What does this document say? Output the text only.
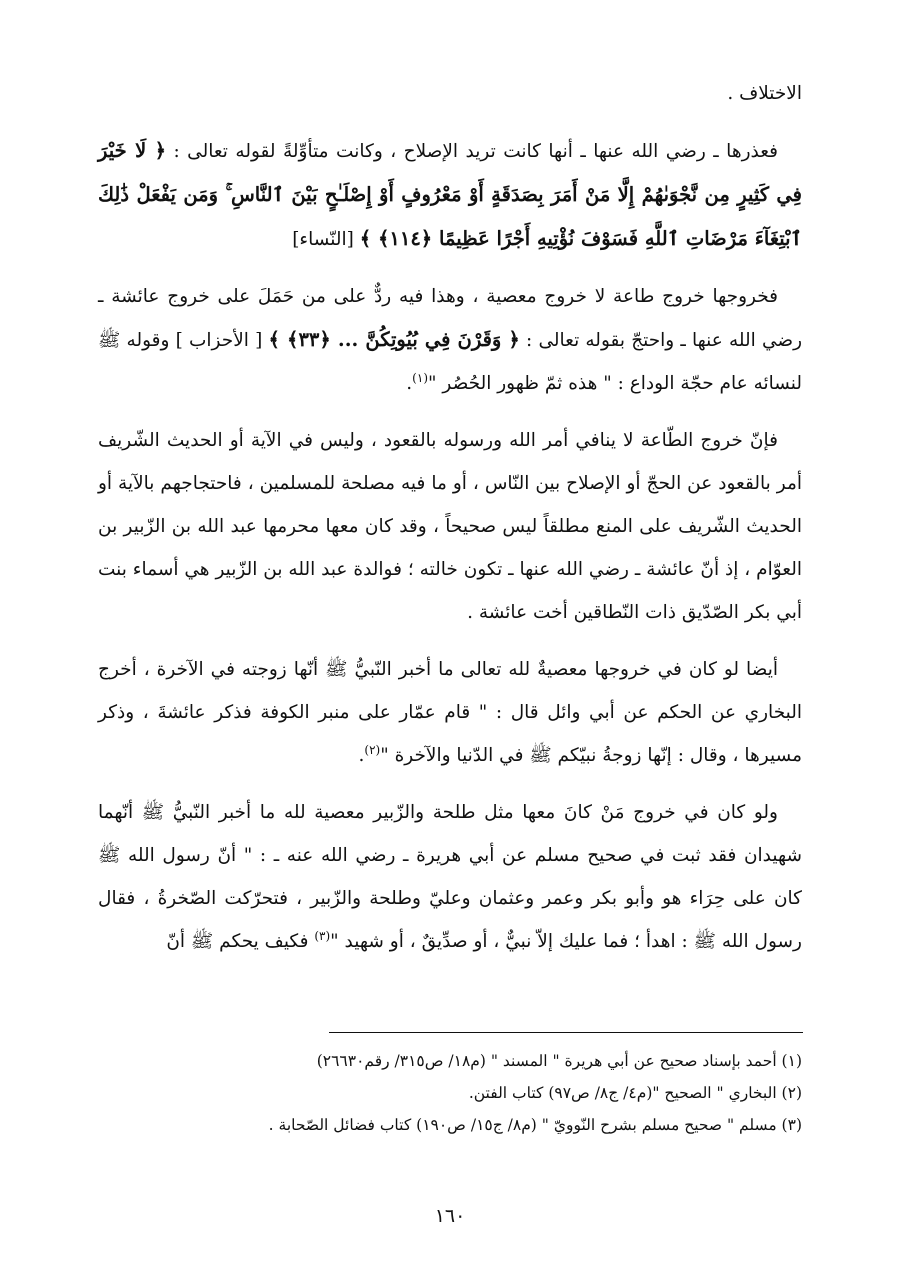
الاختلاف .

فعذرها ـ رضي الله عنها ـ أنها كانت تريد الإصلاح ، وكانت متأوِّلةً لقوله تعالى : ﴿ لَا خَيْرَ فِي كَثِيرٍ مِن نَّجْوَىٰهُمْ إِلَّا مَنْ أَمَرَ بِصَدَقَةٍ أَوْ مَعْرُوفٍ أَوْ إِصْلَـٰحٍ بَيْنَ ٱلنَّاسِ ۚ وَمَن يَفْعَلْ ذَٰلِكَ ٱبْتِغَآءَ مَرْضَاتِ ٱللَّهِ فَسَوْفَ نُؤْتِيهِ أَجْرًا عَظِيمًا ﴿١١٤﴾ ﴾ [النّساء]

فخروجها خروج طاعة لا خروج معصية ، وهذا فيه ردٌّ على من حَمَلَ على خروج عائشة ـ رضي الله عنها ـ واحتجّ بقوله تعالى : ﴿ وَقَرْنَ فِي بُيُوتِكُنَّ ... ﴿٣٣﴾ ﴾ [ الأحزاب ] وقوله ﷺ لنسائه عام حجّة الوداع : " هذه ثمّ ظهور الحُصُر "$^{(١)}$.

فإنّ خروج الطّاعة لا ينافي أمر الله ورسوله بالقعود ، وليس في الآية أو الحديث الشّريف أمر بالقعود عن الحجّ أو الإصلاح بين النّاس ، أو ما فيه مصلحة للمسلمين ، فاحتجاجهم بالآية أو الحديث الشّريف على المنع مطلقاً ليس صحيحاً ، وقد كان معها محرمها عبد الله بن الزّبير بن العوّام ، إذ أنّ عائشة ـ رضي الله عنها ـ تكون خالته ؛ فوالدة عبد الله بن الزّبير هي أسماء بنت أبي بكر الصّدّيق ذات النّطاقين أخت عائشة .

أيضا لو كان في خروجها معصيةٌ لله تعالى ما أخبر النّبيُّ ﷺ أنّها زوجته في الآخرة ، أخرج البخاري عن الحكم عن أبي وائل قال : " قام عمّار على منبر الكوفة فذكر عائشةَ ، وذكر مسيرها ، وقال : إنّها زوجةُ نبيّكم ﷺ في الدّنيا والآخرة "$^{(٢)}$.

ولو كان في خروج مَنْ كانَ معها مثل طلحة والزّبير معصية لله ما أخبر النّبيُّ ﷺ أنّهما شهيدان فقد ثبت في صحيح مسلم عن أبي هريرة ـ رضي الله عنه ـ : " أنّ رسول الله ﷺ كان على حِرَاء هو وأبو بكر وعمر وعثمان وعليّ وطلحة والزّبير ، فتحرّكت الصّخرةُ ، فقال رسول الله ﷺ : اهدأ ؛ فما عليك إلاّ نبيٌّ ، أو صدِّيقٌ ، أو شهيد "$^{(٣)}$ فكيف يحكم ﷺ أنّ

(١) أحمد بإسناد صحيح عن أبي هريرة " المسند " (م١٨/ ص٣١٥/ رقم٢٦٦٣٠)
(٢) البخاري " الصحيح "(م٤/ ج٨/ ص٩٧) كتاب الفتن.
(٣) مسلم " صحيح مسلم بشرح النّوويّ " (م٨/ ج١٥/ ص١٩٠) كتاب فضائل الصّحابة .
١٦٠
